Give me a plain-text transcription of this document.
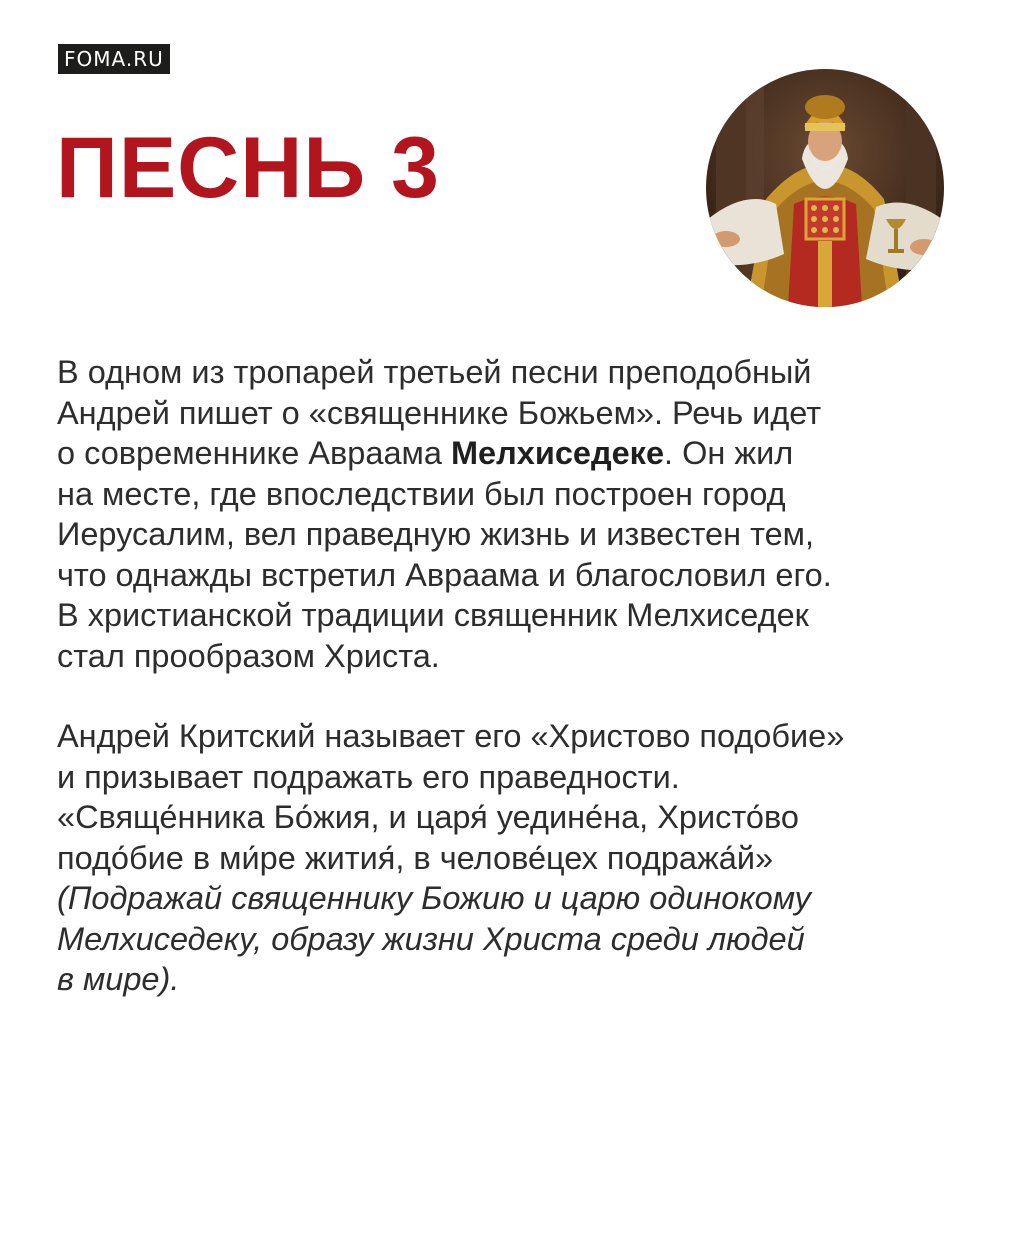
FOMA.RU
ПЕСНЬ 3

В одном из тропарей третьей песни преподобный
Андрей пишет о «священнике Божьем». Речь идет
о современнике Авраама Мелхиседеке. Он жил
на месте, где впоследствии был построен город
Иерусалим, вел праведную жизнь и известен тем,
что однажды встретил Авраама и благословил его.
В христианской традиции священник Мелхиседек
стал прообразом Христа.

Андрей Критский называет его «Христово подобие»
и призывает подражать его праведности.
«Свяще́нника Бо́жия, и царя́ уедине́на, Христо́во
подо́бие в ми́ре жития́, в челове́цех подража́й»
(Подражай священнику Божию и царю одинокому
Мелхиседеку, образу жизни Христа среди людей
в мире).
